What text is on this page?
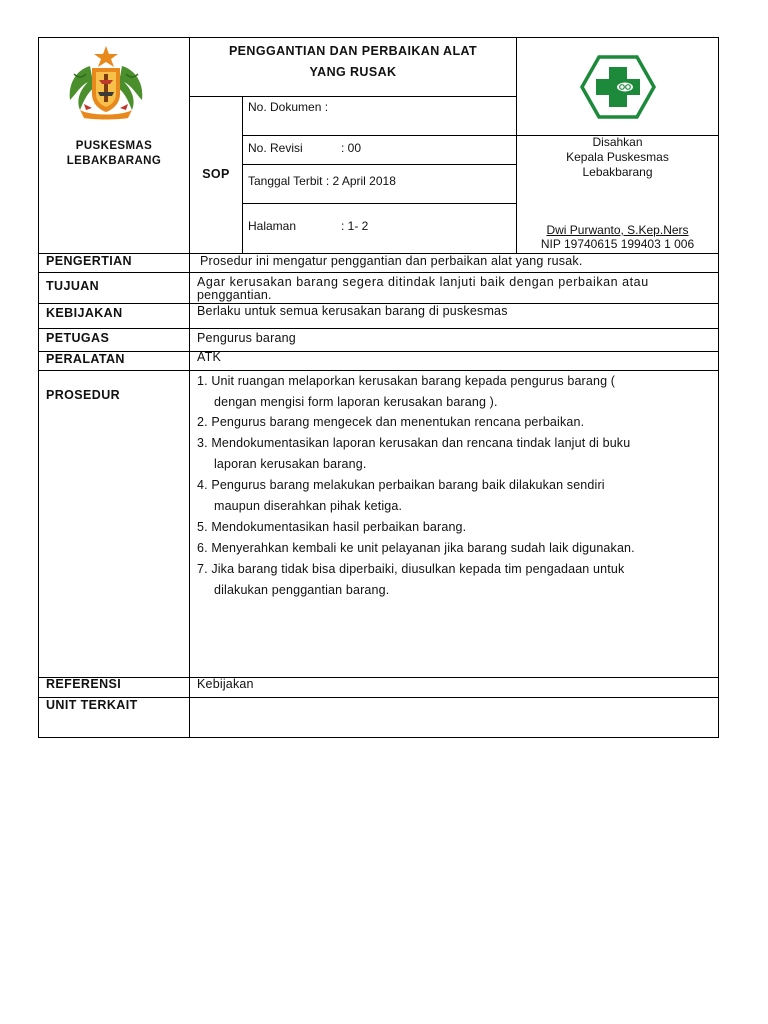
PUSKESMAS
LEBAKBARANG
PENGGANTIAN DAN PERBAIKAN ALAT
YANG RUSAK
SOP
No. Dokumen :
No. Revisi	: 00
Tanggal Terbit : 2 April 2018
Halaman	: 1- 2
Disahkan
Kepala Puskesmas
Lebakbarang
Dwi Purwanto, S.Kep.Ners
NIP 19740615 199403 1 006
PENGERTIAN	Prosedur ini mengatur penggantian dan perbaikan alat yang rusak.
TUJUAN	Agar kerusakan barang segera ditindak lanjuti baik dengan perbaikan atau
penggantian.
KEBIJAKAN	Berlaku untuk semua kerusakan barang di puskesmas
PETUGAS	Pengurus barang
PERALATAN	ATK
PROSEDUR
1. Unit ruangan melaporkan kerusakan barang kepada pengurus barang (
dengan mengisi form laporan kerusakan barang ).
2. Pengurus barang mengecek dan menentukan rencana perbaikan.
3. Mendokumentasikan laporan kerusakan dan rencana tindak lanjut di buku
laporan kerusakan barang.
4. Pengurus barang melakukan perbaikan barang baik dilakukan sendiri
maupun diserahkan pihak ketiga.
5. Mendokumentasikan hasil perbaikan barang.
6. Menyerahkan kembali ke unit pelayanan jika barang sudah laik digunakan.
7. Jika barang tidak bisa diperbaiki, diusulkan kepada tim pengadaan untuk
dilakukan penggantian barang.
REFERENSI	Kebijakan
UNIT TERKAIT
